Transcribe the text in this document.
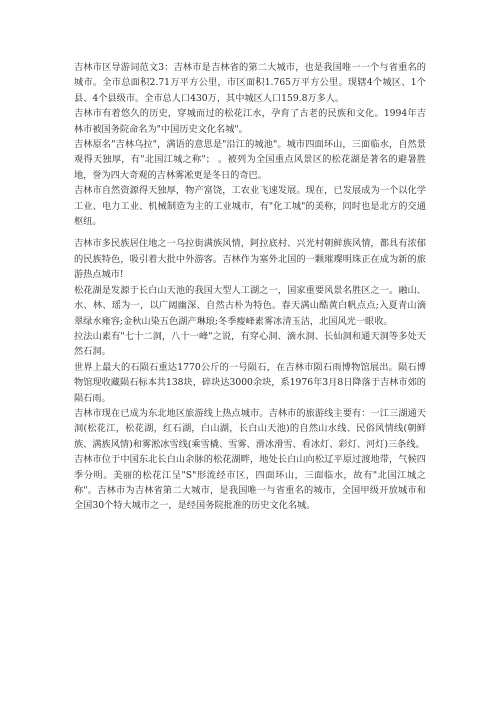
吉林市区导游词范文3：吉林市是吉林省的第二大城市，也是我国唯一一个与省重名的城市。全市总面积2.71万平方公里，市区面积1.765万平方公里。现辖4个城区、1个县、4个县级市。全市总人口430万，其中城区人口159.8万多人。

吉林市有着悠久的历史，穿城而过的松花江水，孕育了古老的民族和文化。1994年吉林市被国务院命名为"中国历史文化名城"。

吉林原名"吉林乌拉"，满语的意思是"沿江的城池"。城市四面环山，三面临水，自然景观得天独厚，有"北国江城之称"； 。被列为全国重点风景区的松花湖是著名的避暑胜地，誉为四大奇观的吉林雾凇更是冬日的奇巴。

吉林市自然资源得天独厚，物产富饶，工农业飞速发展。现在，已发展成为一个以化学工业、电力工业、机械制造为主的工业城市，有"化工城"的美称，同时也是北方的交通枢纽。

吉林市多民族居住地之一乌拉街满族风情，阿拉底村、兴光村朝鲜族风情，都具有浓郁的民族特色，吸引着大批中外游客。吉林作为塞外北国的一颗璀璨明珠正在成为新的旅游热点城市!

松花湖是发源于长白山天池的我国大型人工湖之一，国家重要风景名胜区之一。融山、水、林、瑶为一，以广阔幽深、自然古朴为特色。春天满山酷黄白帆点点;入夏青山滴翠绿水雍容;金秋山染五色湖产琳琅;冬季瘦峰素雾冰清玉洁，北国风光一眼收。

拉法山素有"七十二洞，八十一峰"之说，有穿心洞、滴水洞、长仙洞和通天洞等多处天然石洞。

世界上最大的石陨石重达1770公斤的一号陨石，在吉林市陨石雨博物馆展出。陨石博物馆现收藏陨石标本共138块，碎块达3000余块，系1976年3月8日降落于吉林市郊的陨石雨。

吉林市现在已成为东北地区旅游线上热点城市。吉林市的旅游线主要有：一江三湖通天洞(松花江，松花湖，红石湖，白山湖，长白山天池)的自然山水线、民俗风情线(朝鲜族、满族风情)和雾淞冰雪线(乘雪橇、雪雾、滑冰滑雪、看冰灯、彩灯、河灯)三条线。

吉林市位于中国东北长白山余脉的松花湖畔，地处长白山向松辽平原过渡地带，气候四季分明。美丽的松花江呈"S"形流经市区，四面环山，三面临水，故有"北国江城之称"。吉林市为吉林省第二大城市，是我国唯一与省重名的城市，全国甲级开放城市和全国30个特大城市之一，是经国务院批准的历史文化名城。
